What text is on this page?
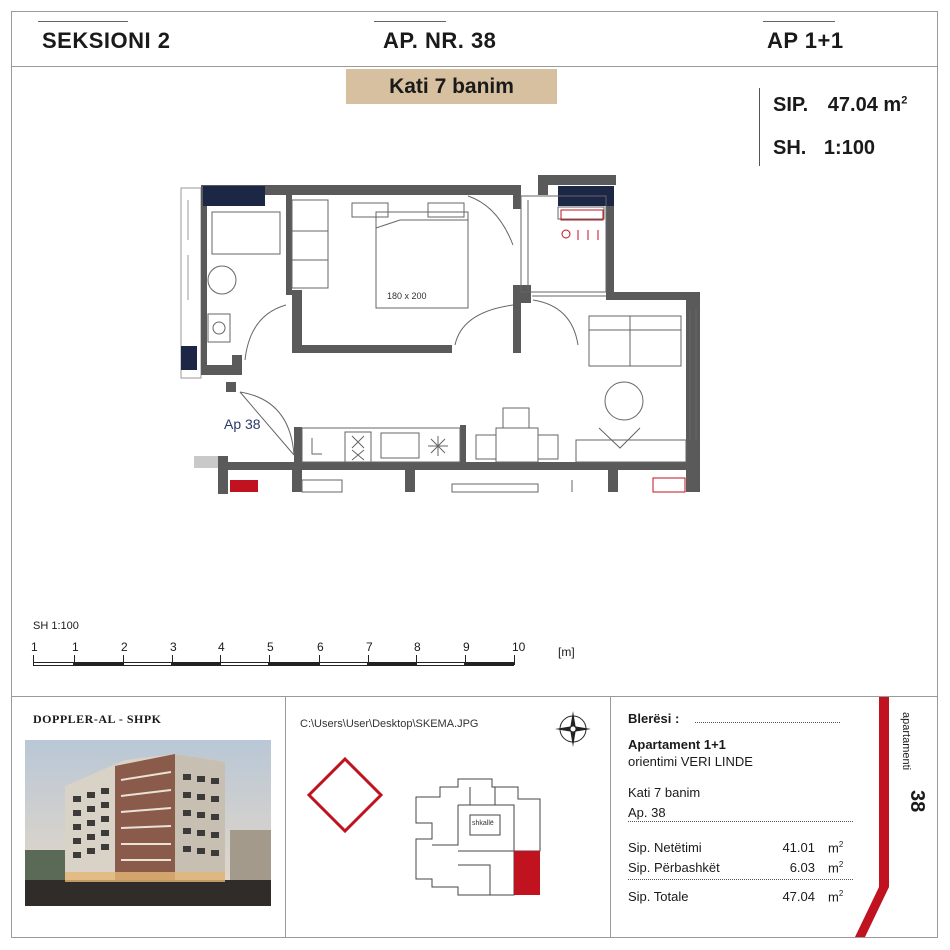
SEKSIONI 2	AP. NR. 38	AP 1+1
Kati 7 banim
SIP. 47.04 $m^2$
SH. 1:100
180 x 200
Ap 38
SH 1:100
1	1	2	3	4	5	6	7	8	9	10	[m]
DOPPLER-AL - SHPK	C:\Users\User\Desktop\SKEMA.JPG
shkallë
Blerësi :
Apartament 1+1
orientimi VERI LINDE
Kati 7 banim
Ap. 38
Sip. Netëtimi	41.01 $m^2$
Sip. Përbashkët	6.03 $m^2$
Sip. Totale	47.04 $m^2$
apartamenti
38
